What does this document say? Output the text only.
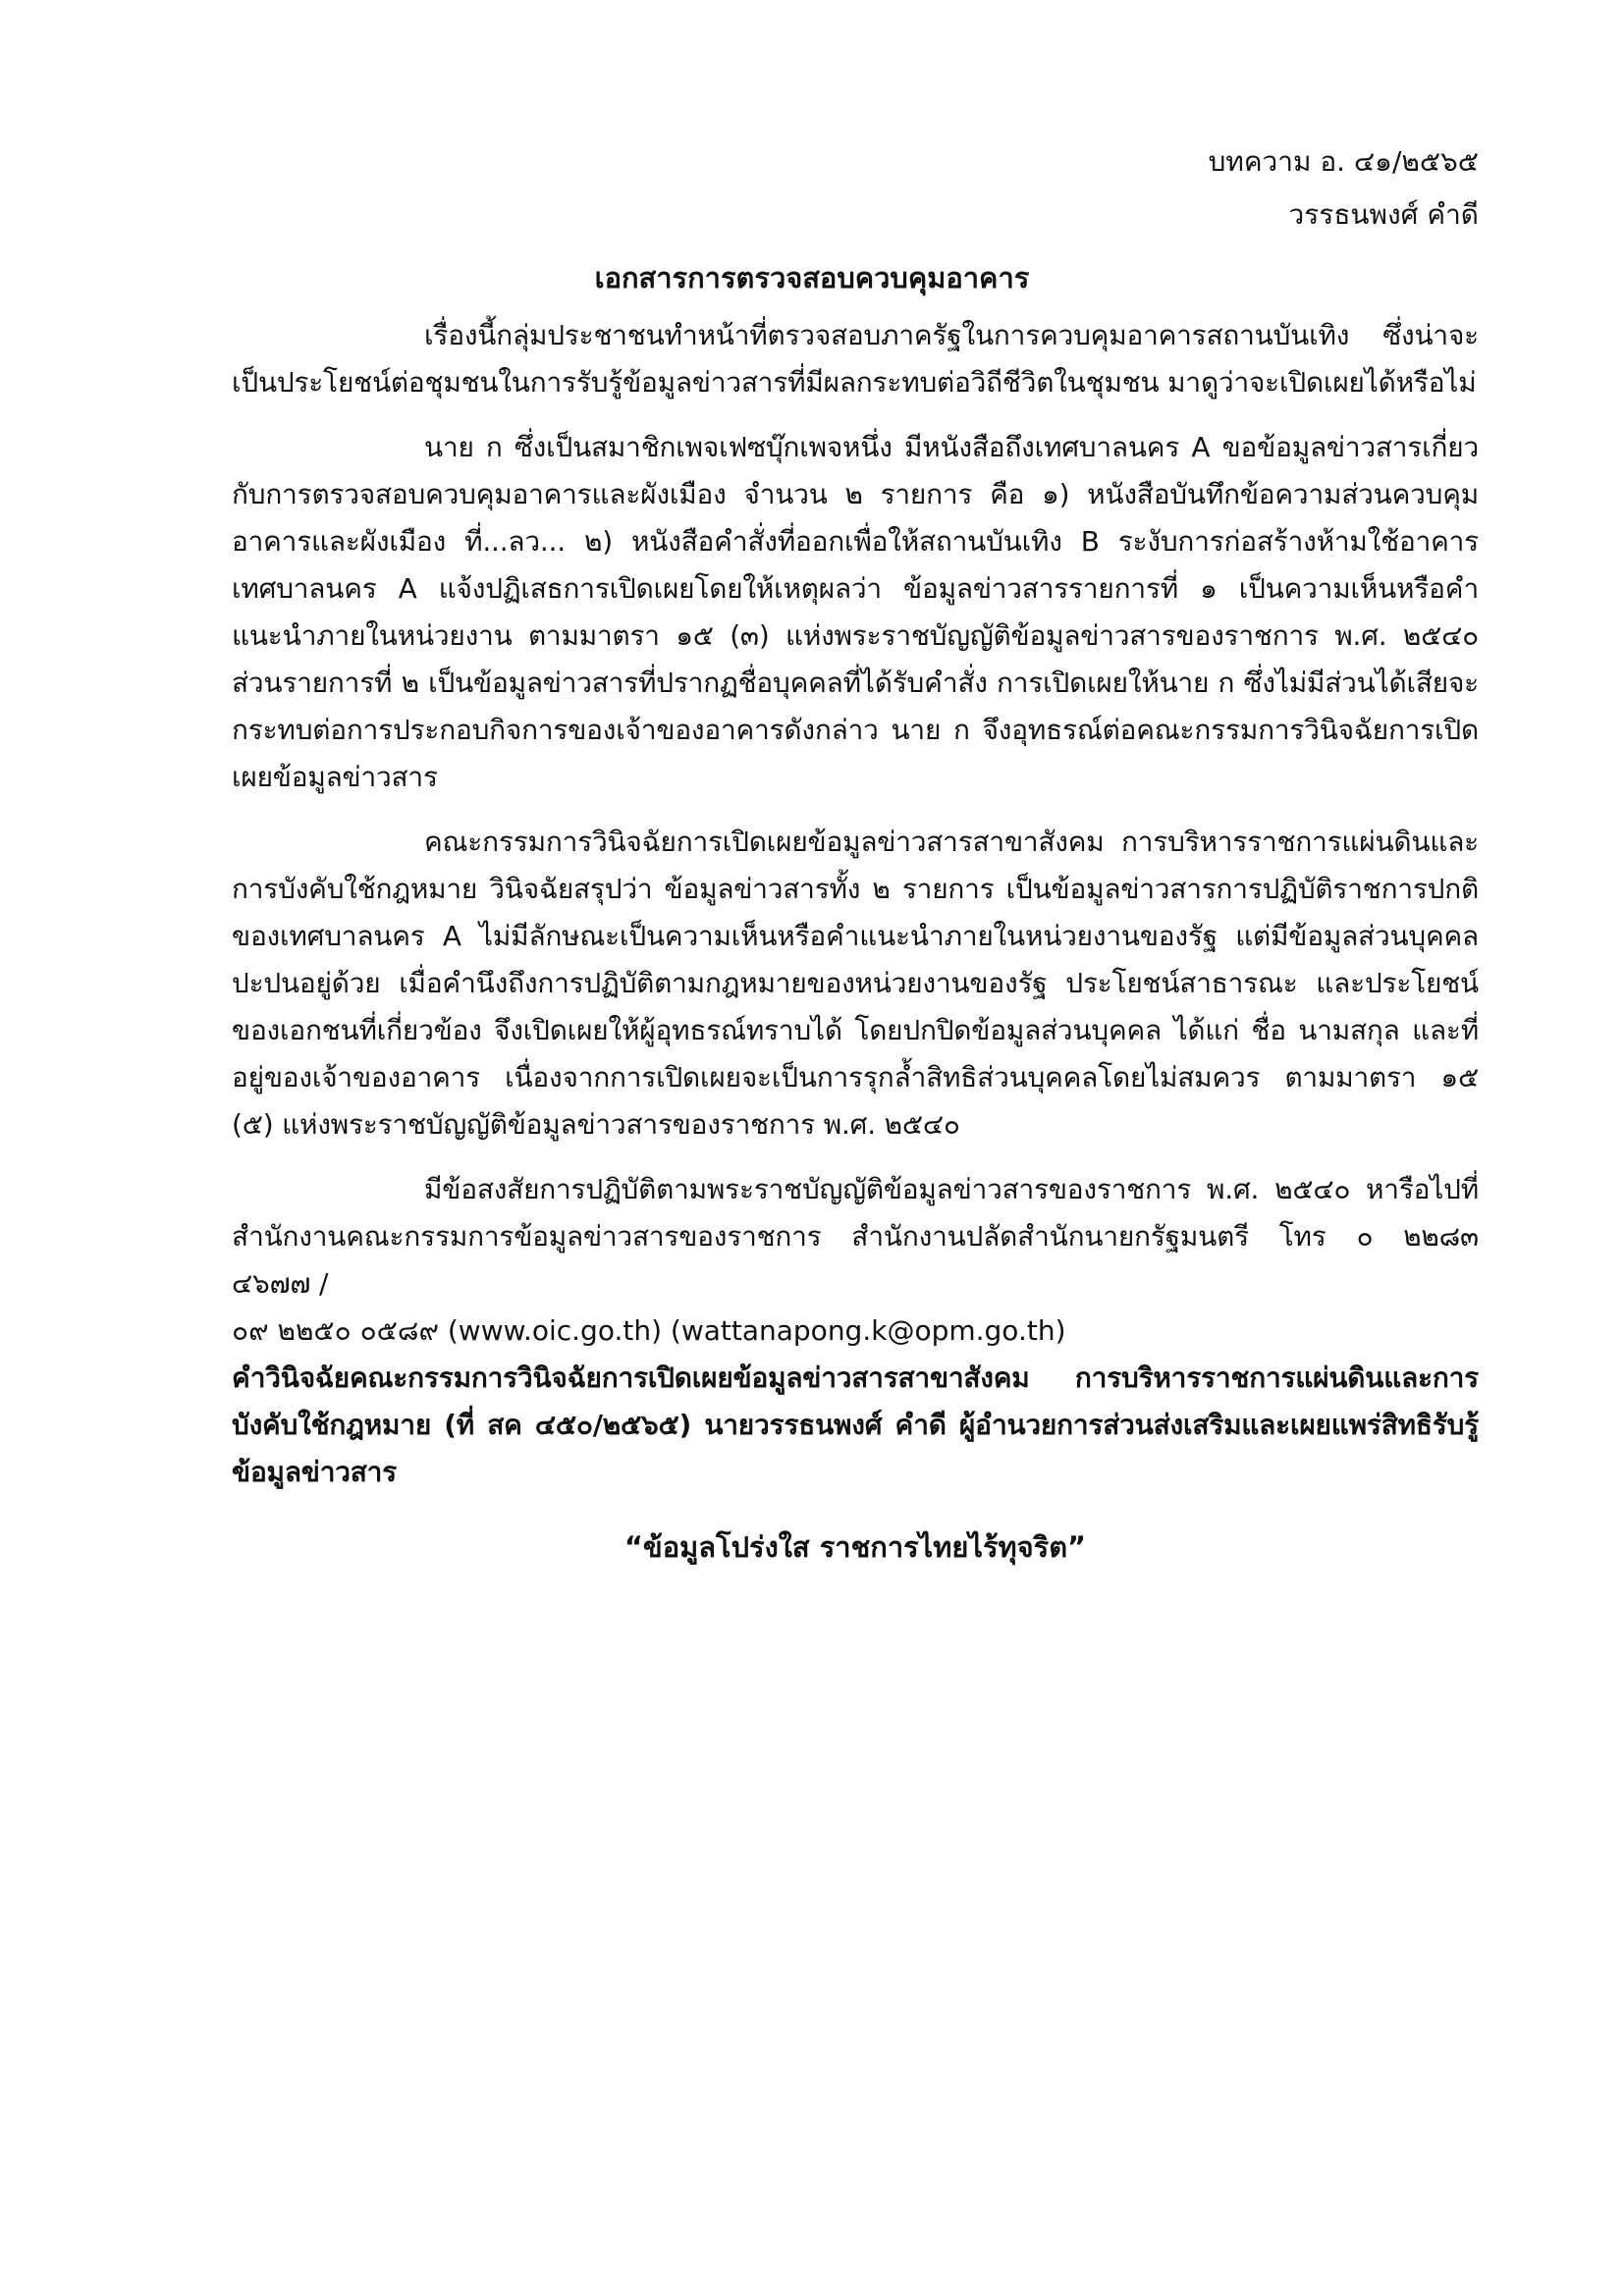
บทความ อ. ๔๑/๒๕๖๕
วรรธนพงศ์ คำดี
เอกสารการตรวจสอบควบคุมอาคาร

เรื่องนี้กลุ่มประชาชนทำหน้าที่ตรวจสอบภาครัฐในการควบคุมอาคารสถานบันเทิง ซึ่งน่าจะเป็นประโยชน์ต่อชุมชนในการรับรู้ข้อมูลข่าวสารที่มีผลกระทบต่อวิถีชีวิตในชุมชน มาดูว่าจะเปิดเผยได้หรือไม่

นาย ก ซึ่งเป็นสมาชิกเพจเฟซบุ๊กเพจหนึ่ง มีหนังสือถึงเทศบาลนคร A ขอข้อมูลข่าวสารเกี่ยวกับการตรวจสอบควบคุมอาคารและผังเมือง จำนวน ๒ รายการ คือ ๑) หนังสือบันทึกข้อความส่วนควบคุมอาคารและผังเมือง ที่...ลว... ๒) หนังสือคำสั่งที่ออกเพื่อให้สถานบันเทิง B ระงับการก่อสร้างห้ามใช้อาคาร เทศบาลนคร A แจ้งปฏิเสธการเปิดเผยโดยให้เหตุผลว่า ข้อมูลข่าวสารรายการที่ ๑ เป็นความเห็นหรือคำแนะนำภายในหน่วยงาน ตามมาตรา ๑๕ (๓) แห่งพระราชบัญญัติข้อมูลข่าวสารของราชการ พ.ศ. ๒๕๔๐ ส่วนรายการที่ ๒ เป็นข้อมูลข่าวสารที่ปรากฏชื่อบุคคลที่ได้รับคำสั่ง การเปิดเผยให้นาย ก ซึ่งไม่มีส่วนได้เสียจะกระทบต่อการประกอบกิจการของเจ้าของอาคารดังกล่าว นาย ก จึงอุทธรณ์ต่อคณะกรรมการวินิจฉัยการเปิดเผยข้อมูลข่าวสาร

คณะกรรมการวินิจฉัยการเปิดเผยข้อมูลข่าวสารสาขาสังคม การบริหารราชการแผ่นดินและการบังคับใช้กฎหมาย วินิจฉัยสรุปว่า ข้อมูลข่าวสารทั้ง ๒ รายการ เป็นข้อมูลข่าวสารการปฏิบัติราชการปกติของเทศบาลนคร A ไม่มีลักษณะเป็นความเห็นหรือคำแนะนำภายในหน่วยงานของรัฐ แต่มีข้อมูลส่วนบุคคลปะปนอยู่ด้วย เมื่อคำนึงถึงการปฏิบัติตามกฎหมายของหน่วยงานของรัฐ ประโยชน์สาธารณะ และประโยชน์ของเอกชนที่เกี่ยวข้อง จึงเปิดเผยให้ผู้อุทธรณ์ทราบได้ โดยปกปิดข้อมูลส่วนบุคคล ได้แก่ ชื่อ นามสกุล และที่อยู่ของเจ้าของอาคาร เนื่องจากการเปิดเผยจะเป็นการรุกล้ำสิทธิส่วนบุคคลโดยไม่สมควร ตามมาตรา ๑๕ (๕) แห่งพระราชบัญญัติข้อมูลข่าวสารของราชการ พ.ศ. ๒๕๔๐

มีข้อสงสัยการปฏิบัติตามพระราชบัญญัติข้อมูลข่าวสารของราชการ พ.ศ. ๒๕๔๐ หารือไปที่สำนักงานคณะกรรมการข้อมูลข่าวสารของราชการ สำนักงานปลัดสำนักนายกรัฐมนตรี โทร ๐ ๒๒๘๓ ๔๖๗๗ /

๐๙ ๒๒๕๐ ๐๕๘๙ (www.oic.go.th) (wattanapong.k@opm.go.th)

คำวินิจฉัยคณะกรรมการวินิจฉัยการเปิดเผยข้อมูลข่าวสารสาขาสังคม การบริหารราชการแผ่นดินและการบังคับใช้กฎหมาย (ที่ สค ๔๕๐/๒๕๖๕) นายวรรธนพงศ์ คำดี ผู้อำนวยการส่วนส่งเสริมและเผยแพร่สิทธิรับรู้ข้อมูลข่าวสาร

“ข้อมูลโปร่งใส ราชการไทยไร้ทุจริต”
